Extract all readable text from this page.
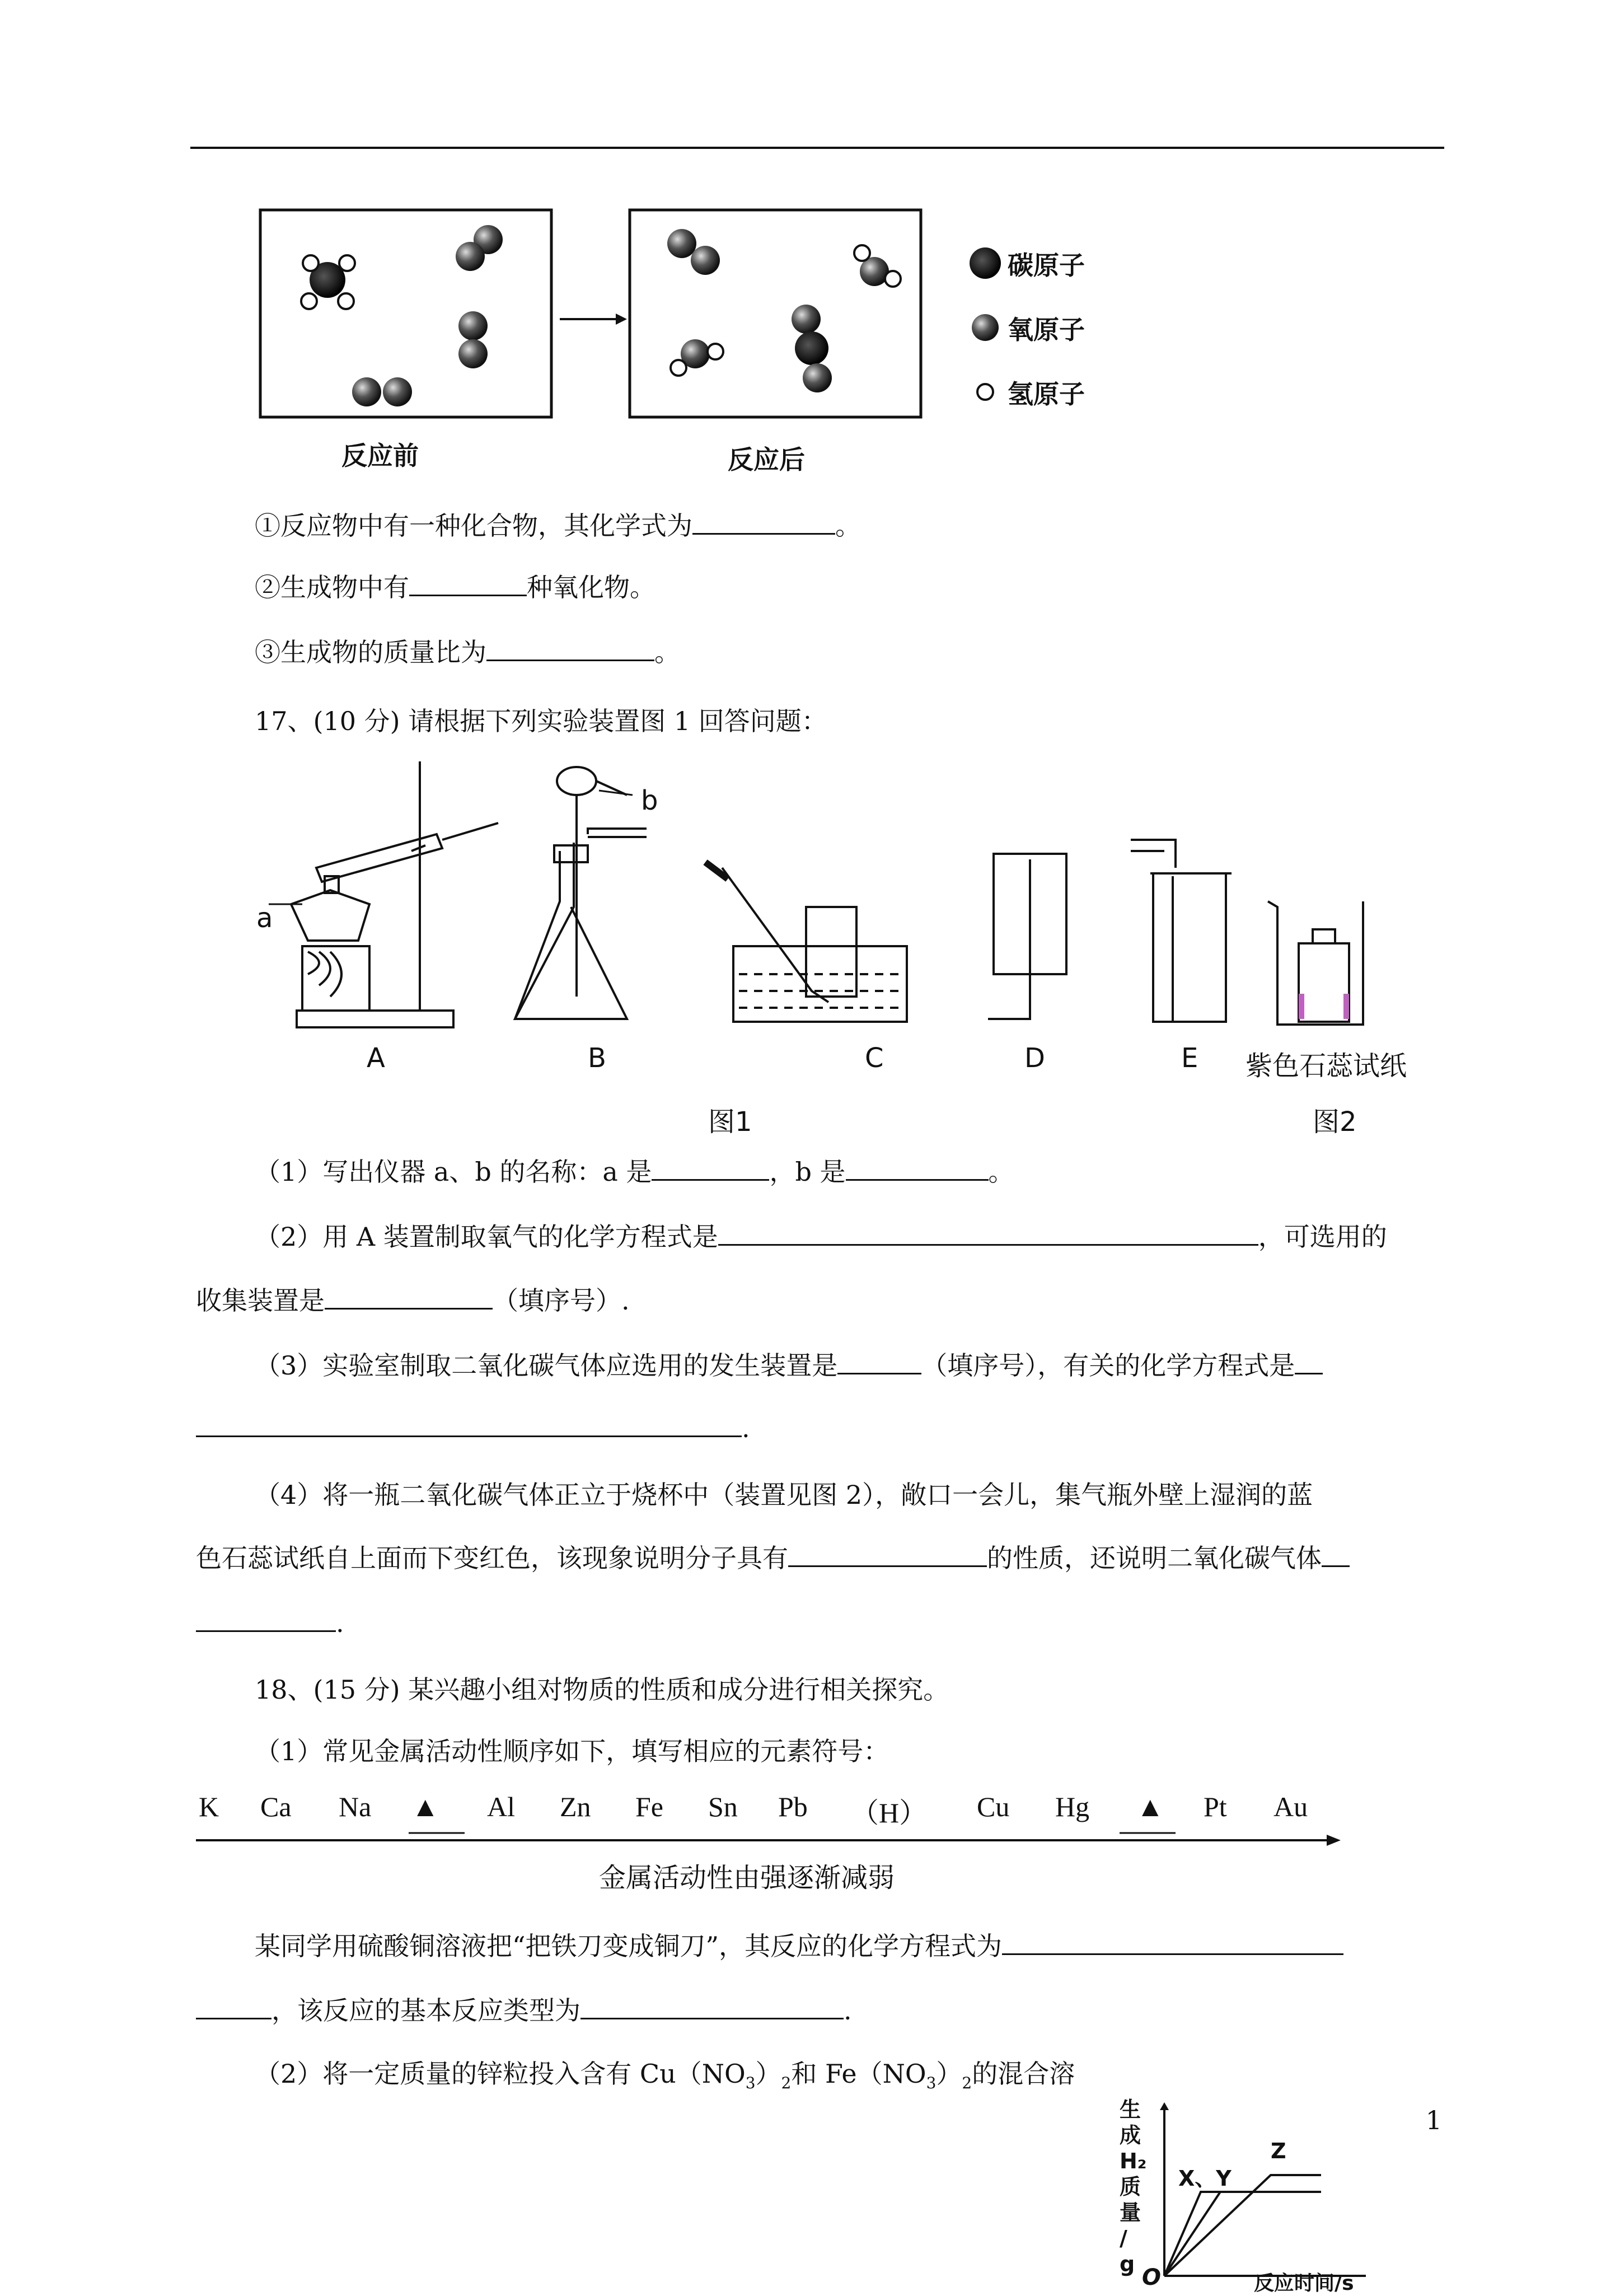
碳原子
氧原子
氢原子
反应前	反应后
①反应物中有一种化合物，其化学式为	。
②生成物中有	种氧化物。
③生成物的质量比为	。
17、(10 分) 请根据下列实验装置图 1 回答问题：
a
b
A	B	C	D	E 紫色石蕊试纸
图1	图2
（1）写出仪器 a、b 的名称：a 是	，b 是	。
（2）用 A 装置制取氧气的化学方程式是	，可选用的
收集装置是	（填序号）.
（3）实验室制取二氧化碳气体应选用的发生装置是	（填序号），有关的化学方程式是
.
（4）将一瓶二氧化碳气体正立于烧杯中（装置见图 2），敞口一会儿，集气瓶外壁上湿润的蓝
色石蕊试纸自上面而下变红色，该现象说明分子具有	的性质，还说明二氧化碳气体
.
18、(15 分) 某兴趣小组对物质的性质和成分进行相关探究。
（1）常见金属活动性顺序如下，填写相应的元素符号：
K Ca Na ▲ Al Zn Fe Sn Pb （H） Cu Hg ▲ Pt Au
金属活动性由强逐渐减弱
某同学用硫酸铜溶液把“把铁刀变成铜刀”，其反应的化学方程式为
，该反应的基本反应类型为	.
（2）将一定质量的锌粒投入含有 $Cu(NO_3)_2$和 $Fe(NO_3)_2$的混合溶
生
成
H₂
质
量
/
g
X、Y
Z
O	反应时间/s
1
